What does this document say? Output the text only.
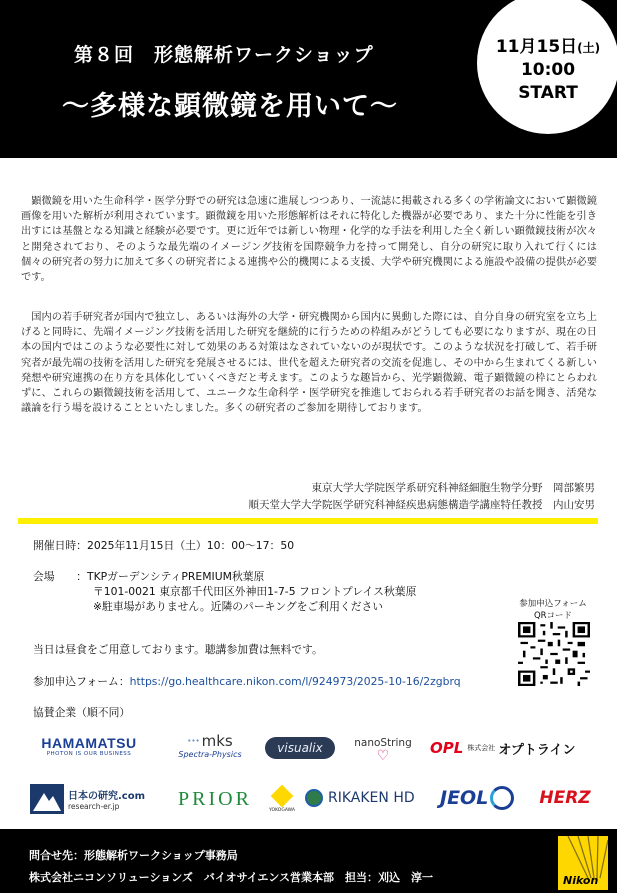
第８回　形態解析ワークショップ
〜多様な顕微鏡を用いて〜
11月15日(土)
10:00
START

顕微鏡を用いた生命科学・医学分野での研究は急速に進展しつつあり、一流誌に掲載される多くの学術論文において顕微鏡画像を用いた解析が利用されています。顕微鏡を用いた形態解析はそれに特化した機器が必要であり、また十分に性能を引き出すには基盤となる知識と経験が必要です。更に近年では新しい物理・化学的な手法を利用した全く新しい顕微鏡技術が次々と開発されており、そのような最先端のイメージング技術を国際競争力を持って開発し、自分の研究に取り入れて行くには個々の研究者の努力に加えて多くの研究者による連携や公的機関による支援、大学や研究機関による施設や設備の提供が必要です。

国内の若手研究者が国内で独立し、あるいは海外の大学・研究機関から国内に異動した際には、自分自身の研究室を立ち上げると同時に、先端イメージング技術を活用した研究を継続的に行うための枠組みがどうしても必要になりますが、現在の日本の国内ではこのような必要性に対して効果のある対策はなされていないのが現状です。このような状況を打破して、若手研究者が最先端の技術を活用した研究を発展させるには、世代を超えた研究者の交流を促進し、その中から生まれてくる新しい発想や研究連携の在り方を具体化していくべきだと考えます。このような趣旨から、光学顕微鏡、電子顕微鏡の枠にとらわれずに、これらの顕微鏡技術を活用して、ユニークな生命科学・医学研究を推進しておられる若手研究者のお話を聞き、活発な議論を行う場を設けることといたしました。多くの研究者のご参加を期待しております。

東京大学大学院医学系研究科神経細胞生物学分野　岡部繁男
順天堂大学大学院医学研究科神経疾患病態構造学講座特任教授　内山安男
開催日時：2025年11月15日（土）10：00〜17：50
会場　　：TKPガーデンシティPREMIUM秋葉原
〒101-0021 東京都千代田区外神田1-7-5 フロントプレイス秋葉原
※駐車場がありません。近隣のパーキングをご利用ください
当日は昼食をご用意しております。聴講参加費は無料です。
参加申込フォーム：https://go.healthcare.nikon.com/l/924973/2025-10-16/2zgbrq
協賛企業（順不同）
参加申込フォーム
QRコード
HAMAMATSU
PHOTON IS OUR BUSINESS
••• mks
Spectra-Physics	visualix	nanoString
♡	OPL 株式会社 オプトライン
日本の研究.com
research-er.jp	PRIOR
YOKOGAWA
RIKAKEN HD JEOL	HERZ
問合せ先：形態解析ワークショップ事務局
株式会社ニコンソリューションズ　バイオサイエンス営業本部　担当：刈込　淳一	Nikon
